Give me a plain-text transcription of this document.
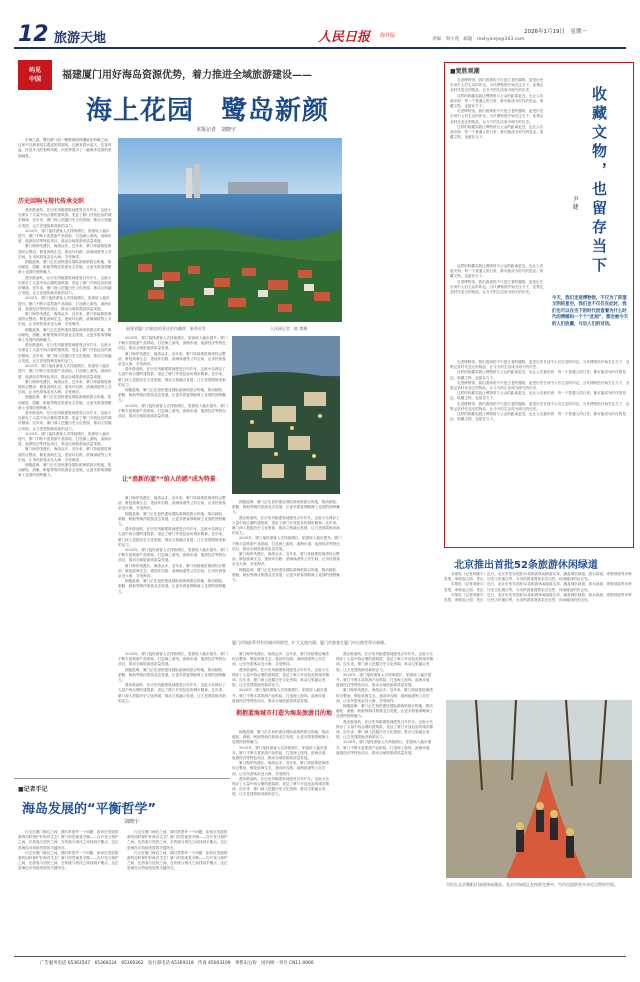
12 旅游天地	人民日报 海外版
2026年1月19日　星期一
责编：周小苑　邮箱：mohyiceje@163.com
屿见
中国	福建厦门用好海岛资源优势，着力推进全域旅游建设——
海上花园　鹭岛新颜
本报记者　刘晓宇

东海之滨，鹭岛厦门如一颗璀璨明珠镶嵌在海峡之间。这里不仅拥有闻名遐迩的鼓浪屿，还拥有碧水蓝天、花香四溢、民俗多元的独特风貌，向世界展示了一幅海洋花园的美丽画卷。

历史回响与现代传承交织

漫步鼓浪屿，在历史风貌建筑间感受百年岁月。这座小岛保存了大量中西合璧的建筑群，见证了厦门开放包容的城市精神。近年来，厦门深入挖掘历史文化资源，推动文旅融合发展，让古老建筑焕发新的活力。

2025年，厦门接待游客人次持续增长，旅游收入稳步提升。厦门不断丰富旅游产品供给，打造海上游线、滨海步道、夜游经济等特色项目，推动全域旅游高质量发展。

厦门海岸线漫长，海湾众多。近年来，厦门持续推进海湾综合整治，修复滨海生态，建设环岛路、滨海绿道等公共空间，让市民游客亲近大海、享受海洋。

拥抱蓝海，厦门正在加快建设国际滨海旅游目的地，推动邮轮、游艇、帆船等海洋旅游业态发展，让更多游客领略海上花园的独特魅力。

漫步鼓浪屿，在历史风貌建筑间感受百年岁月。这座小岛保存了大量中西合璧的建筑群，见证了厦门开放包容的城市精神。近年来，厦门深入挖掘历史文化资源，推动文旅融合发展，让古老建筑焕发新的活力。

2025年，厦门接待游客人次持续增长，旅游收入稳步提升。厦门不断丰富旅游产品供给，打造海上游线、滨海步道、夜游经济等特色项目，推动全域旅游高质量发展。

厦门海岸线漫长，海湾众多。近年来，厦门持续推进海湾综合整治，修复滨海生态，建设环岛路、滨海绿道等公共空间，让市民游客亲近大海、享受海洋。

拥抱蓝海，厦门正在加快建设国际滨海旅游目的地，推动邮轮、游艇、帆船等海洋旅游业态发展，让更多游客领略海上花园的独特魅力。

漫步鼓浪屿，在历史风貌建筑间感受百年岁月。这座小岛保存了大量中西合璧的建筑群，见证了厦门开放包容的城市精神。近年来，厦门深入挖掘历史文化资源，推动文旅融合发展，让古老建筑焕发新的活力。

2025年，厦门接待游客人次持续增长，旅游收入稳步提升。厦门不断丰富旅游产品供给，打造海上游线、滨海步道、夜游经济等特色项目，推动全域旅游高质量发展。

厦门海岸线漫长，海湾众多。近年来，厦门持续推进海湾综合整治，修复滨海生态，建设环岛路、滨海绿道等公共空间，让市民游客亲近大海、享受海洋。

拥抱蓝海，厦门正在加快建设国际滨海旅游目的地，推动邮轮、游艇、帆船等海洋旅游业态发展，让更多游客领略海上花园的独特魅力。

漫步鼓浪屿，在历史风貌建筑间感受百年岁月。这座小岛保存了大量中西合璧的建筑群，见证了厦门开放包容的城市精神。近年来，厦门深入挖掘历史文化资源，推动文旅融合发展，让古老建筑焕发新的活力。

2025年，厦门接待游客人次持续增长，旅游收入稳步提升。厦门不断丰富旅游产品供给，打造海上游线、滨海步道、夜游经济等特色项目，推动全域旅游高质量发展。

厦门海岸线漫长，海湾众多。近年来，厦门持续推进海湾综合整治，修复滨海生态，建设环岛路、滨海绿道等公共空间，让市民游客亲近大海、享受海洋。

拥抱蓝海，厦门正在加快建设国际滨海旅游目的地，推动邮轮、游艇、帆船等海洋旅游业态发展，让更多游客领略海上花园的独特魅力。

福建省厦门市鼓浪屿景区的鸟瞰图　新华社发	人民网记者　陈 博摄

2025年，厦门接待游客人次持续增长，旅游收入稳步提升。厦门不断丰富旅游产品供给，打造海上游线、滨海步道、夜游经济等特色项目，推动全域旅游高质量发展。

厦门海岸线漫长，海湾众多。近年来，厦门持续推进海湾综合整治，修复滨海生态，建设环岛路、滨海绿道等公共空间，让市民游客亲近大海、享受海洋。

漫步鼓浪屿，在历史风貌建筑间感受百年岁月。这座小岛保存了大量中西合璧的建筑群，见证了厦门开放包容的城市精神。近年来，厦门深入挖掘历史文化资源，推动文旅融合发展，让古老建筑焕发新的活力。

拥抱蓝海，厦门正在加快建设国际滨海旅游目的地，推动邮轮、游艇、帆船等海洋旅游业态发展，让更多游客领略海上花园的独特魅力。

2025年，厦门接待游客人次持续增长，旅游收入稳步提升。厦门不断丰富旅游产品供给，打造海上游线、滨海步道、夜游经济等特色项目，推动全域旅游高质量发展。

让“浪新的蓝”“给人的感”成为特景

厦门海岸线漫长，海湾众多。近年来，厦门持续推进海湾综合整治，修复滨海生态，建设环岛路、滨海绿道等公共空间，让市民游客亲近大海、享受海洋。

拥抱蓝海，厦门正在加快建设国际滨海旅游目的地，推动邮轮、游艇、帆船等海洋旅游业态发展，让更多游客领略海上花园的独特魅力。

漫步鼓浪屿，在历史风貌建筑间感受百年岁月。这座小岛保存了大量中西合璧的建筑群，见证了厦门开放包容的城市精神。近年来，厦门深入挖掘历史文化资源，推动文旅融合发展，让古老建筑焕发新的活力。

2025年，厦门接待游客人次持续增长，旅游收入稳步提升。厦门不断丰富旅游产品供给，打造海上游线、滨海步道、夜游经济等特色项目，推动全域旅游高质量发展。

厦门海岸线漫长，海湾众多。近年来，厦门持续推进海湾综合整治，修复滨海生态，建设环岛路、滨海绿道等公共空间，让市民游客亲近大海、享受海洋。

拥抱蓝海，厦门正在加快建设国际滨海旅游目的地，推动邮轮、游艇、帆船等海洋旅游业态发展，让更多游客领略海上花园的独特魅力。

拥抱蓝海，厦门正在加快建设国际滨海旅游目的地，推动邮轮、游艇、帆船等海洋旅游业态发展，让更多游客领略海上花园的独特魅力。

漫步鼓浪屿，在历史风貌建筑间感受百年岁月。这座小岛保存了大量中西合璧的建筑群，见证了厦门开放包容的城市精神。近年来，厦门深入挖掘历史文化资源，推动文旅融合发展，让古老建筑焕发新的活力。

2025年，厦门接待游客人次持续增长，旅游收入稳步提升。厦门不断丰富旅游产品供给，打造海上游线、滨海步道、夜游经济等特色项目，推动全域旅游高质量发展。

厦门海岸线漫长，海湾众多。近年来，厦门持续推进海湾综合整治，修复滨海生态，建设环岛路、滨海绿道等公共空间，让市民游客亲近大海、享受海洋。

拥抱蓝海，厦门正在加快建设国际滨海旅游目的地，推动邮轮、游艇、帆船等海洋旅游业态发展，让更多游客领略海上花园的独特魅力。

■宽胜观潮

走进博物馆，我们看到的不只是古老的器物，更是历史长河中人们生活的印记。当代博物馆开始关注当下，征集记录时代变迁的物品，让今天的生活成为明天的历史。

这样的收藏实践让博物馆与公众的距离更近，也让人们意识到：每一个普通人的日常，都可能成为时代的见证。收藏文物，也留存当下。

走进博物馆，我们看到的不只是古老的器物，更是历史长河中人们生活的印记。当代博物馆开始关注当下，征集记录时代变迁的物品，让今天的生活成为明天的历史。

这样的收藏实践让博物馆与公众的距离更近，也让人们意识到：每一个普通人的日常，都可能成为时代的见证。收藏文物，也留存当下。	收藏文物，也留存当下
尹 婕

这样的收藏实践让博物馆与公众的距离更近，也让人们意识到：每一个普通人的日常，都可能成为时代的见证。收藏文物，也留存当下。

走进博物馆，我们看到的不只是古老的器物，更是历史长河中人们生活的印记。当代博物馆开始关注当下，征集记录时代变迁的物品，让今天的生活成为明天的历史。

今天，我们走进博物馆，不仅为了仰望文明的星空，我们也不仅仅在此时，我们也可以在当下的时代创造着为什么时代的情感和一个个“此刻”，都会被今天的人们收藏，与后人们的对话。

走进博物馆，我们看到的不只是古老的器物，更是历史长河中人们生活的印记。当代博物馆开始关注当下，征集记录时代变迁的物品，让今天的生活成为明天的历史。

这样的收藏实践让博物馆与公众的距离更近，也让人们意识到：每一个普通人的日常，都可能成为时代的见证。收藏文物，也留存当下。

走进博物馆，我们看到的不只是古老的器物，更是历史长河中人们生活的印记。当代博物馆开始关注当下，征集记录时代变迁的物品，让今天的生活成为明天的历史。

这样的收藏实践让博物馆与公众的距离更近，也让人们意识到：每一个普通人的日常，都可能成为时代的见证。收藏文物，也留存当下。

走进博物馆，我们看到的不只是古老的器物，更是历史长河中人们生活的印记。当代博物馆开始关注当下，征集记录时代变迁的物品，让今天的生活成为明天的历史。

这样的收藏实践让博物馆与公众的距离更近，也让人们意识到：每一个普通人的日常，都可能成为时代的见证。收藏文物，也留存当下。

北京推出首批52条旅游休闲绿道

本报电（记者刘晓宇）近日，北京市发布首批52条旅游休闲绿道名单，涵盖城市绿道、滨水绿道、郊野绿道等多种类型，串联起公园、景区、历史文化街区等，为市民游客提供亲近自然、休闲健身的好去处。

本报电（记者刘晓宇）近日，北京市发布首批52条旅游休闲绿道名单，涵盖城市绿道、滨水绿道、郊野绿道等多种类型，串联起公园、景区、历史文化街区等，为市民游客提供亲近自然、休闲健身的好去处。

本报电（记者刘晓宇）近日，北京市发布首批52条旅游休闲绿道名单，涵盖城市绿道、滨水绿道、郊野绿道等多种类型，串联起公园、景区、历史文化街区等，为市民游客提供亲近自然、休闲健身的好去处。

市民在北京朝阳区绿道休闲漫步。北京市绿道正在持续完善中，为市民提供更多亲近自然的空间。

厦门海岸线漫长，海湾众多。近年来，厦门持续推进海湾综合整治，修复滨海生态，建设环岛路、滨海绿道等公共空间，让市民游客亲近大海、享受海洋。

漫步鼓浪屿，在历史风貌建筑间感受百年岁月。这座小岛保存了大量中西合璧的建筑群，见证了厦门开放包容的城市精神。近年来，厦门深入挖掘历史文化资源，推动文旅融合发展，让古老建筑焕发新的活力。

2025年，厦门接待游客人次持续增长，旅游收入稳步提升。厦门不断丰富旅游产品供给，打造海上游线、滨海步道、夜游经济等特色项目，推动全域旅游高质量发展。

拥抱蓝海城市打造为海岛旅游目的地

拥抱蓝海，厦门正在加快建设国际滨海旅游目的地，推动邮轮、游艇、帆船等海洋旅游业态发展，让更多游客领略海上花园的独特魅力。

2025年，厦门接待游客人次持续增长，旅游收入稳步提升。厦门不断丰富旅游产品供给，打造海上游线、滨海步道、夜游经济等特色项目，推动全域旅游高质量发展。

厦门海岸线漫长，海湾众多。近年来，厦门持续推进海湾综合整治，修复滨海生态，建设环岛路、滨海绿道等公共空间，让市民游客亲近大海、享受海洋。

漫步鼓浪屿，在历史风貌建筑间感受百年岁月。这座小岛保存了大量中西合璧的建筑群，见证了厦门开放包容的城市精神。近年来，厦门深入挖掘历史文化资源，推动文旅融合发展，让古老建筑焕发新的活力。

厦门市海滨系列有的城市资源型，扩大文旅内涵。厦门市游客在厦门中山路等拜访新城。

漫步鼓浪屿，在历史风貌建筑间感受百年岁月。这座小岛保存了大量中西合璧的建筑群，见证了厦门开放包容的城市精神。近年来，厦门深入挖掘历史文化资源，推动文旅融合发展，让古老建筑焕发新的活力。

2025年，厦门接待游客人次持续增长，旅游收入稳步提升。厦门不断丰富旅游产品供给，打造海上游线、滨海步道、夜游经济等特色项目，推动全域旅游高质量发展。

厦门海岸线漫长，海湾众多。近年来，厦门持续推进海湾综合整治，修复滨海生态，建设环岛路、滨海绿道等公共空间，让市民游客亲近大海、享受海洋。

拥抱蓝海，厦门正在加快建设国际滨海旅游目的地，推动邮轮、游艇、帆船等海洋旅游业态发展，让更多游客领略海上花园的独特魅力。

漫步鼓浪屿，在历史风貌建筑间感受百年岁月。这座小岛保存了大量中西合璧的建筑群，见证了厦门开放包容的城市精神。近年来，厦门深入挖掘历史文化资源，推动文旅融合发展，让古老建筑焕发新的活力。

2025年，厦门接待游客人次持续增长，旅游收入稳步提升。厦门不断丰富旅游产品供给，打造海上游线、滨海步道、夜游经济等特色项目，推动全域旅游高质量发展。

2025年，厦门接待游客人次持续增长，旅游收入稳步提升。厦门不断丰富旅游产品供给，打造海上游线、滨海步道、夜游经济等特色项目，推动全域旅游高质量发展。

拥抱蓝海，厦门正在加快建设国际滨海旅游目的地，推动邮轮、游艇、帆船等海洋旅游业态发展，让更多游客领略海上花园的独特魅力。

漫步鼓浪屿，在历史风貌建筑间感受百年岁月。这座小岛保存了大量中西合璧的建筑群，见证了厦门开放包容的城市精神。近年来，厦门深入挖掘历史文化资源，推动文旅融合发展，让古老建筑焕发新的活力。

■记者手记
海岛发展的“平衡哲学”
刘晓宇

行走在厦门海岛之间，我时常思考一个问题：如何在发展旅游的同时保护好海洋生态？厦门的答案是平衡——在开发与保护之间、在游客与居民之间、在传统与现代之间找到平衡点，这正是海岛可持续发展的关键所在。

行走在厦门海岛之间，我时常思考一个问题：如何在发展旅游的同时保护好海洋生态？厦门的答案是平衡——在开发与保护之间、在游客与居民之间、在传统与现代之间找到平衡点，这正是海岛可持续发展的关键所在。

行走在厦门海岛之间，我时常思考一个问题：如何在发展旅游的同时保护好海洋生态？厦门的答案是平衡——在开发与保护之间、在游客与居民之间、在传统与现代之间找到平衡点，这正是海岛可持续发展的关键所在。

行走在厦门海岛之间，我时常思考一个问题：如何在发展旅游的同时保护好海洋生态？厦门的答案是平衡——在开发与保护之间、在游客与居民之间、在传统与现代之间找到平衡点，这正是海岛可持续发展的关键所在。

广告服务电话 65363547　65369224　65369362　发行部电话 65369319　传真 65003109　零售3元/份　国内统一刊号 CN11-0066
